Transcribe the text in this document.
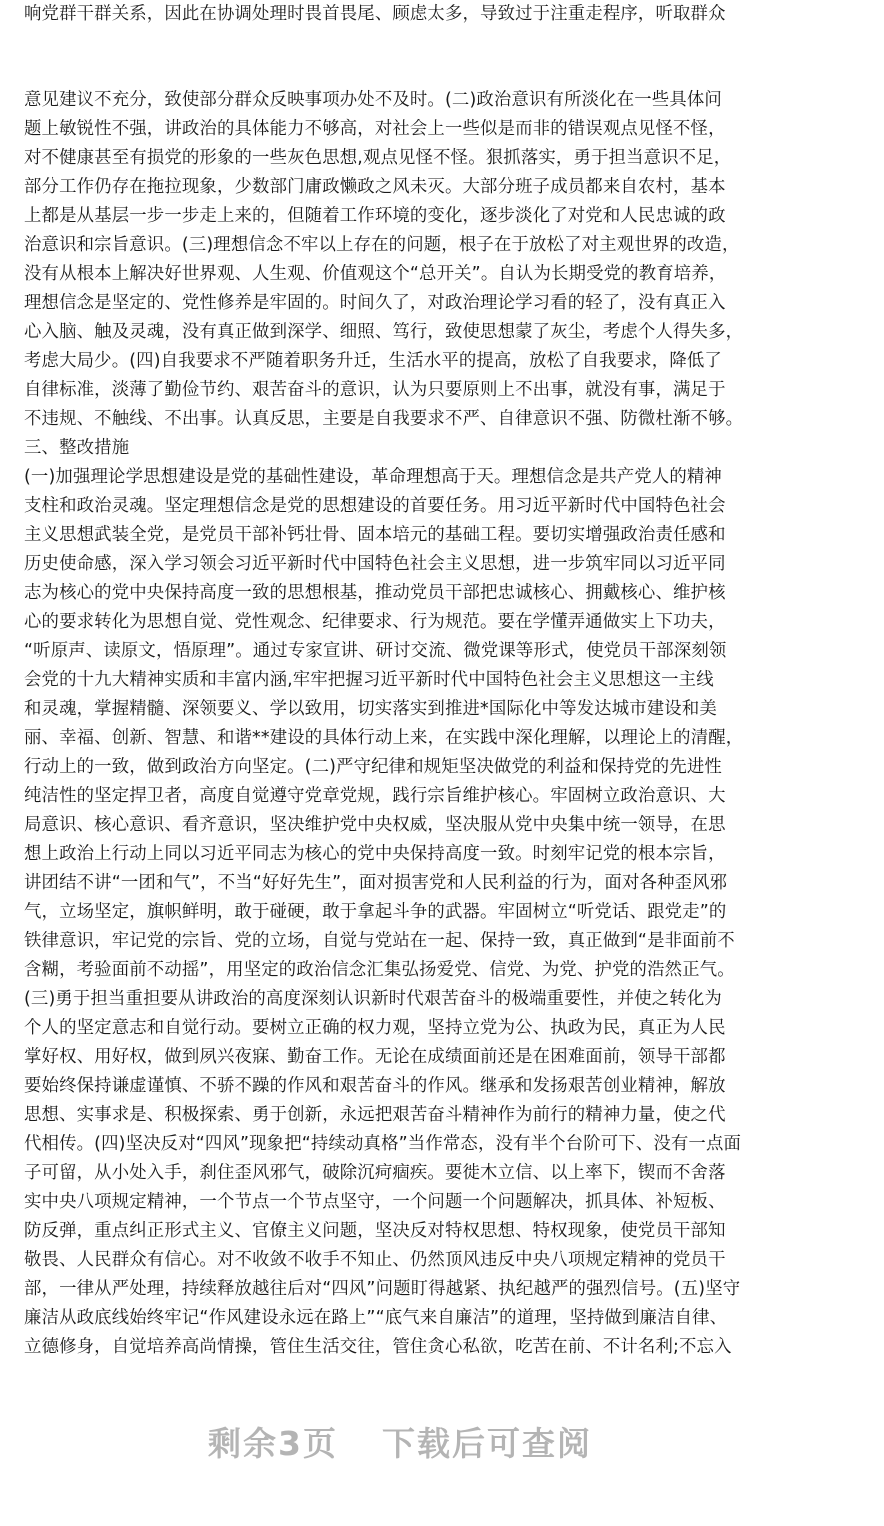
响党群干群关系，因此在协调处理时畏首畏尾、顾虑太多，导致过于注重走程序，听取群众
意见建议不充分，致使部分群众反映事项办处不及时。(二)政治意识有所淡化在一些具体问
题上敏锐性不强，讲政治的具体能力不够高，对社会上一些似是而非的错误观点见怪不怪，
对不健康甚至有损党的形象的一些灰色思想,观点见怪不怪。狠抓落实，勇于担当意识不足，
部分工作仍存在拖拉现象，少数部门庸政懒政之风未灭。大部分班子成员都来自农村，基本
上都是从基层一步一步走上来的，但随着工作环境的变化，逐步淡化了对党和人民忠诚的政
治意识和宗旨意识。(三)理想信念不牢以上存在的问题，根子在于放松了对主观世界的改造，
没有从根本上解决好世界观、人生观、价值观这个“总开关”。自认为长期受党的教育培养，
理想信念是坚定的、党性修养是牢固的。时间久了，对政治理论学习看的轻了，没有真正入
心入脑、触及灵魂，没有真正做到深学、细照、笃行，致使思想蒙了灰尘，考虑个人得失多，
考虑大局少。(四)自我要求不严随着职务升迁，生活水平的提高，放松了自我要求，降低了
自律标准，淡薄了勤俭节约、艰苦奋斗的意识，认为只要原则上不出事，就没有事，满足于
不违规、不触线、不出事。认真反思，主要是自我要求不严、自律意识不强、防微杜渐不够。
三、整改措施
(一)加强理论学思想建设是党的基础性建设，革命理想高于天。理想信念是共产党人的精神
支柱和政治灵魂。坚定理想信念是党的思想建设的首要任务。用习近平新时代中国特色社会
主义思想武装全党，是党员干部补钙壮骨、固本培元的基础工程。要切实增强政治责任感和
历史使命感，深入学习领会习近平新时代中国特色社会主义思想，进一步筑牢同以习近平同
志为核心的党中央保持高度一致的思想根基，推动党员干部把忠诚核心、拥戴核心、维护核
心的要求转化为思想自觉、党性观念、纪律要求、行为规范。要在学懂弄通做实上下功夫，
“听原声、读原文，悟原理”。通过专家宣讲、研讨交流、微党课等形式，使党员干部深刻领
会党的十九大精神实质和丰富内涵,牢牢把握习近平新时代中国特色社会主义思想这一主线
和灵魂，掌握精髓、深领要义、学以致用，切实落实到推进*国际化中等发达城市建设和美
丽、幸福、创新、智慧、和谐**建设的具体行动上来，在实践中深化理解，以理论上的清醒，
行动上的一致，做到政治方向坚定。(二)严守纪律和规矩坚决做党的利益和保持党的先进性
纯洁性的坚定捍卫者，高度自觉遵守党章党规，践行宗旨维护核心。牢固树立政治意识、大
局意识、核心意识、看齐意识，坚决维护党中央权威，坚决服从党中央集中统一领导，在思
想上政治上行动上同以习近平同志为核心的党中央保持高度一致。时刻牢记党的根本宗旨，
讲团结不讲“一团和气”，不当“好好先生”，面对损害党和人民利益的行为，面对各种歪风邪
气，立场坚定，旗帜鲜明，敢于碰硬，敢于拿起斗争的武器。牢固树立“听党话、跟党走”的
铁律意识，牢记党的宗旨、党的立场，自觉与党站在一起、保持一致，真正做到“是非面前不
含糊，考验面前不动摇”，用坚定的政治信念汇集弘扬爱党、信党、为党、护党的浩然正气。
(三)勇于担当重担要从讲政治的高度深刻认识新时代艰苦奋斗的极端重要性，并使之转化为
个人的坚定意志和自觉行动。要树立正确的权力观，坚持立党为公、执政为民，真正为人民
掌好权、用好权，做到夙兴夜寐、勤奋工作。无论在成绩面前还是在困难面前，领导干部都
要始终保持谦虚谨慎、不骄不躁的作风和艰苦奋斗的作风。继承和发扬艰苦创业精神，解放
思想、实事求是、积极探索、勇于创新，永远把艰苦奋斗精神作为前行的精神力量，使之代
代相传。(四)坚决反对“四风”现象把“持续动真格”当作常态，没有半个台阶可下、没有一点面
子可留，从小处入手，刹住歪风邪气，破除沉疴痼疾。要徙木立信、以上率下，锲而不舍落
实中央八项规定精神，一个节点一个节点坚守，一个问题一个问题解决，抓具体、补短板、
防反弹，重点纠正形式主义、官僚主义问题，坚决反对特权思想、特权现象，使党员干部知
敬畏、人民群众有信心。对不收敛不收手不知止、仍然顶风违反中央八项规定精神的党员干
部，一律从严处理，持续释放越往后对“四风”问题盯得越紧、执纪越严的强烈信号。(五)坚守
廉洁从政底线始终牢记“作风建设永远在路上”“底气来自廉洁”的道理，坚持做到廉洁自律、
立德修身，自觉培养高尚情操，管住生活交往，管住贪心私欲，吃苦在前、不计名利;不忘入
剩余3页 下载后可查阅
